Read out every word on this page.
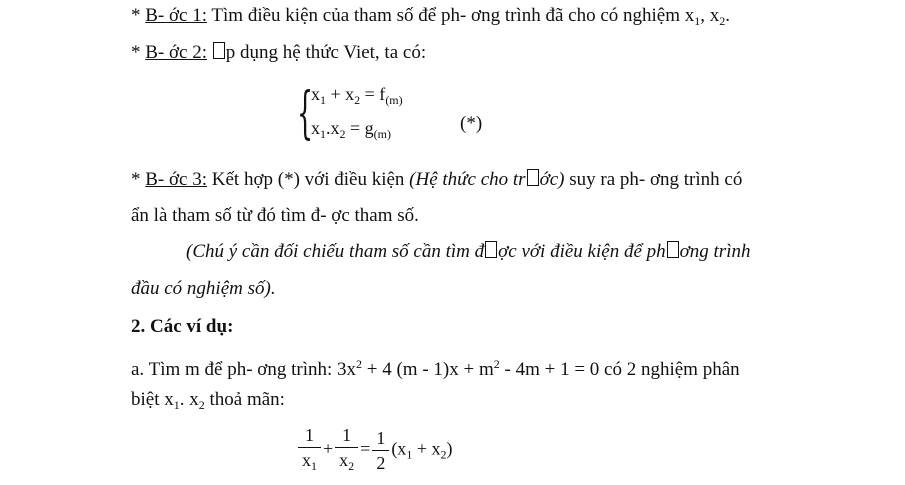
* B- ớc 1: Tìm điều kiện của tham số để ph- ơng trình đã cho có nghiệm $x_1$, $x_2$.
* B- ớc 2: p dụng hệ thức Viet, ta có:
{
$x_1 + x_2 = f_{(m)}$
$x_1.x_2 = g_{(m)}$	(*)
* B- ớc 3: Kết hợp (*) với điều kiện (Hệ thức cho tr ớc) suy ra ph- ơng trình có
ẩn là tham số từ đó tìm đ- ợc tham số.
(Chú ý cần đối chiếu tham số cần tìm đ ợc với điều kiện để ph ơng trình
đầu có nghiệm số).
2. Các ví dụ:
a. Tìm m để ph- ơng trình: $3x^2 + 4$ $(m - 1)x + m^2 - 4m + 1 = 0$ có 2 nghiệm phân
biệt $x_1$. $x_2$ thoả mãn:
$\frac{1}{x_1} + \frac{1}{x_2} = \frac{1}{2} (x_1 + x_2)$
